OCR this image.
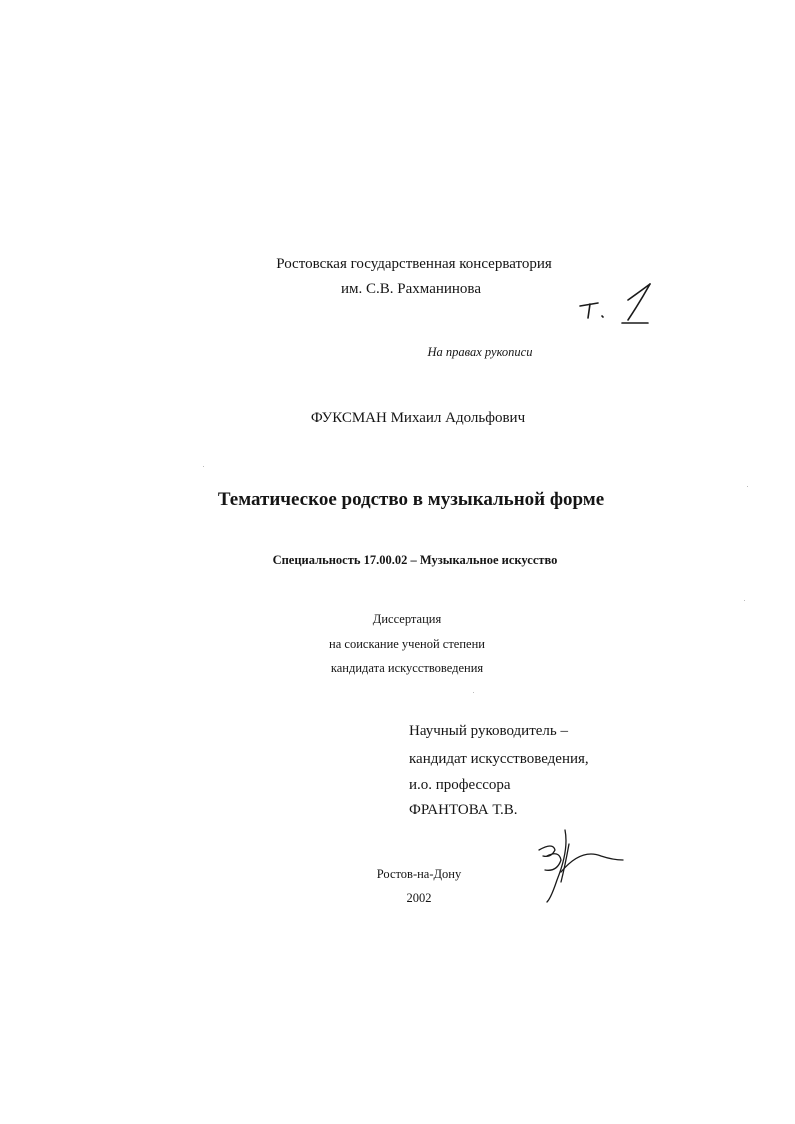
Ростовская государственная консерватория
им. С.В. Рахманинова
На правах рукописи
ФУКСМАН Михаил Адольфович
Тематическое родство в музыкальной форме
Специальность 17.00.02 – Музыкальное искусство
Диссертация
на соискание ученой степени
кандидата искусствоведения
Научный руководитель –
кандидат искусствоведения,
и.о. профессора
ФРАНТОВА Т.В.
Ростов-на-Дону
2002
